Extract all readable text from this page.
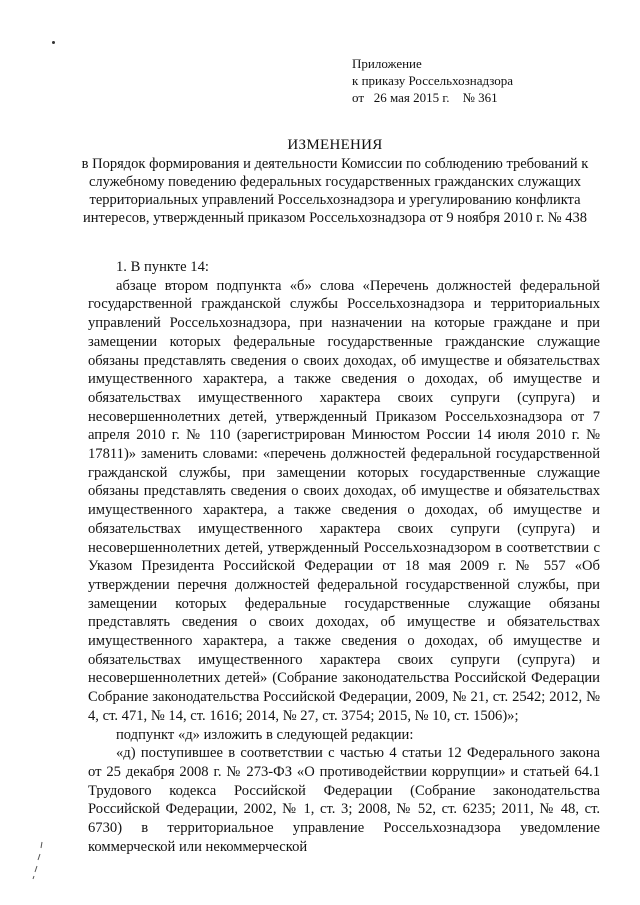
Приложение
к приказу Россельхознадзора
от   26 мая 2015 г.    № 361
ИЗМЕНЕНИЯ
в Порядок формирования и деятельности Комиссии по соблюдению требований к служебному поведению федеральных государственных гражданских служащих территориальных управлений Россельхознадзора и урегулированию конфликта интересов, утвержденный приказом Россельхознадзора от 9 ноября 2010 г. № 438

1. В пункте 14:

абзаце втором подпункта «б» слова «Перечень должностей федеральной государственной гражданской службы Россельхознадзора и территориальных управлений Россельхознадзора, при назначении на которые граждане и при замещении которых федеральные государственные гражданские служащие обязаны представлять сведения о своих доходах, об имуществе и обязательствах имущественного характера, а также сведения о доходах, об имуществе и обязательствах имущественного характера своих супруги (супруга) и несовершеннолетних детей, утвержденный Приказом Россельхознадзора от 7 апреля 2010 г. № 110 (зарегистрирован Минюстом России 14 июля 2010 г. № 17811)» заменить словами: «перечень должностей федеральной государственной гражданской службы, при замещении которых государственные служащие обязаны представлять сведения о своих доходах, об имуществе и обязательствах имущественного характера, а также сведения о доходах, об имуществе и обязательствах имущественного характера своих супруги (супруга) и несовершеннолетних детей, утвержденный Россельхознадзором в соответствии с Указом Президента Российской Федерации от 18 мая 2009 г. № 557 «Об утверждении перечня должностей федеральной государственной службы, при замещении которых федеральные государственные служащие обязаны представлять сведения о своих доходах, об имуществе и обязательствах имущественного характера, а также сведения о доходах, об имуществе и обязательствах имущественного характера своих супруги (супруга) и несовершеннолетних детей» (Собрание законодательства Российской Федерации Собрание законодательства Российской Федерации, 2009, № 21, ст. 2542; 2012, № 4, ст. 471, № 14, ст. 1616; 2014, № 27, ст. 3754; 2015, № 10, ст. 1506)»;

подпункт «д» изложить в следующей редакции:

«д) поступившее в соответствии с частью 4 статьи 12 Федерального закона от 25 декабря 2008 г. № 273-ФЗ «О противодействии коррупции» и статьей 64.1 Трудового кодекса Российской Федерации (Собрание законодательства Российской Федерации, 2002, № 1, ст. 3; 2008, № 52, ст. 6235; 2011, № 48, ст. 6730) в территориальное управление Россельхознадзора уведомление коммерческой или некоммерческой
